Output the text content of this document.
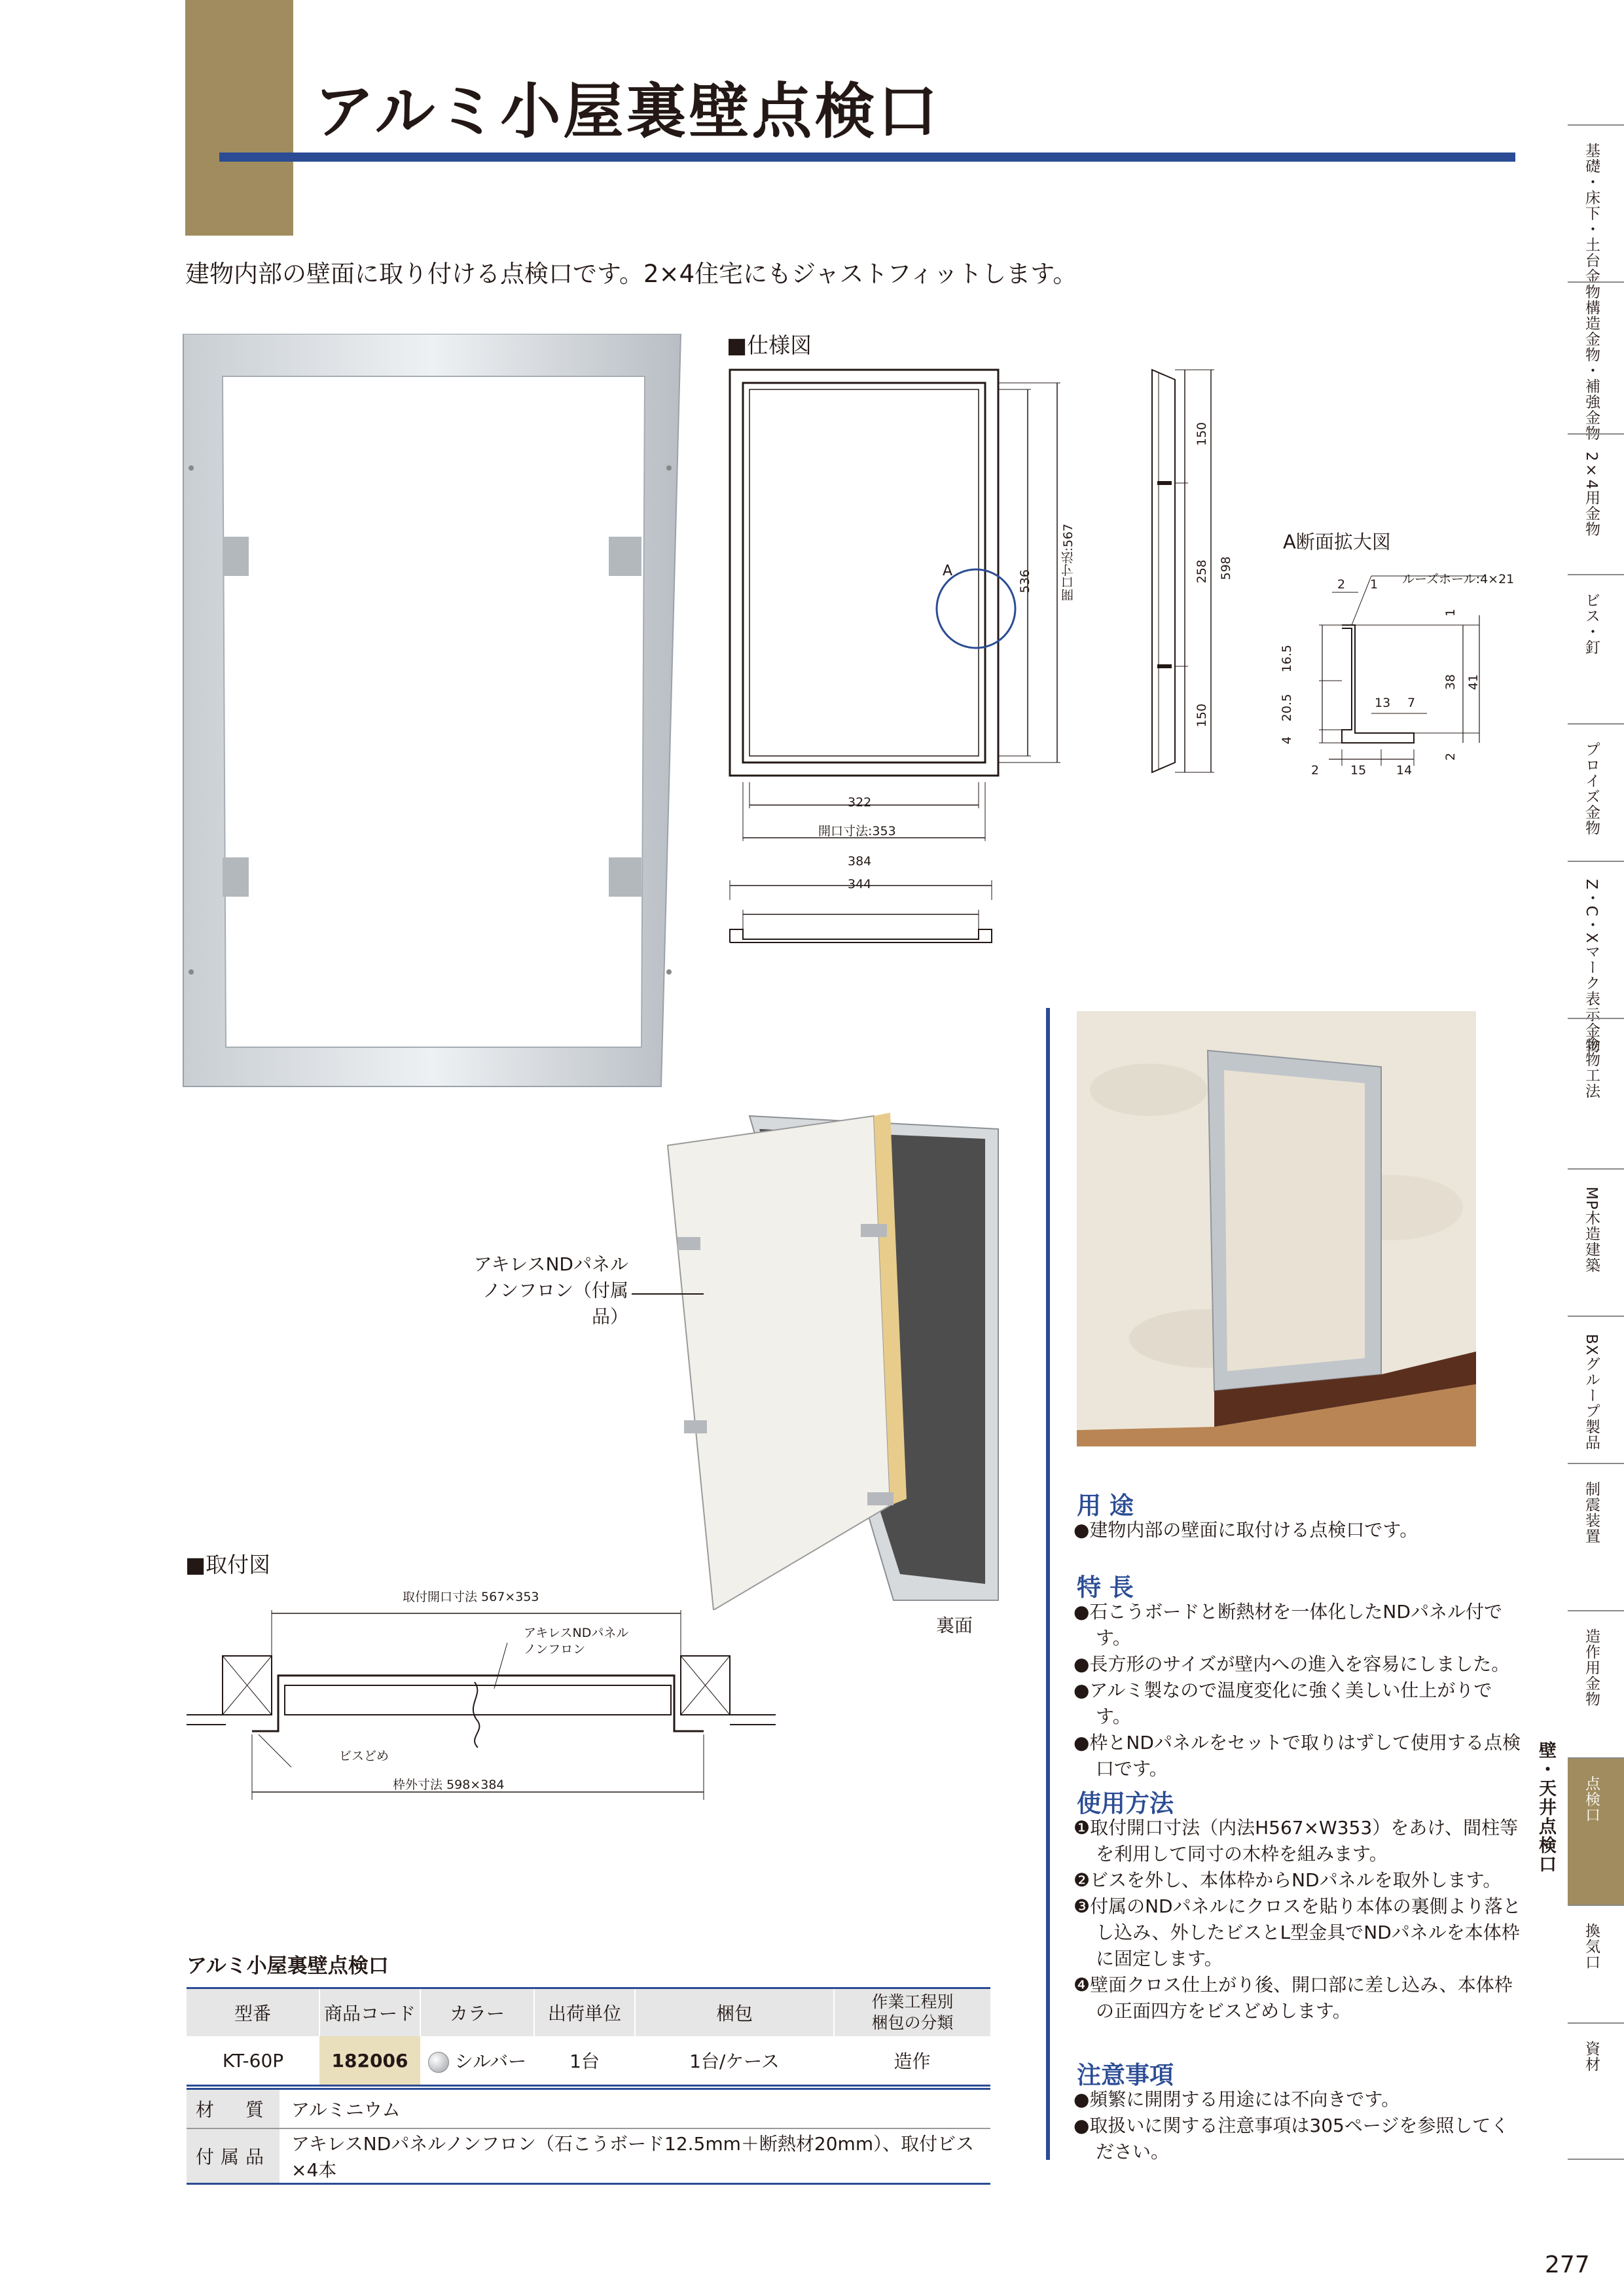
アルミ小屋裏壁点検口
建物内部の壁面に取り付ける点検口です。2×4住宅にもジャストフィットします。
■仕様図
A	536 開口寸法:567
322
開口寸法:353
384
344
150
258 598
150
A断面拡大図
ルーズホール:4×21
2 1
16.5
20.5
4
13 7
1
38 41
2	15 14
2
アキレスNDパネル
ノンフロン（付属品）
裏面
■取付図
取付開口寸法 567×353
アキレスNDパネル
ノンフロン
ビスどめ
枠外寸法 598×384
用 途
●建物内部の壁面に取付ける点検口です。
特 長
●石こうボードと断熱材を一体化したNDパネル付です。
●長方形のサイズが壁内への進入を容易にしました。
●アルミ製なので温度変化に強く美しい仕上がりです。
●枠とNDパネルをセットで取りはずして使用する点検口です。
使用方法
❶取付開口寸法（内法H567×W353）をあけ、間柱等を利用して同寸の木枠を組みます。
❷ビスを外し、本体枠からNDパネルを取外します。
❸付属のNDパネルにクロスを貼り本体の裏側より落とし込み、外したビスとL型金具でNDパネルを本体枠に固定します。
❹壁面クロス仕上がり後、開口部に差し込み、本体枠の正面四方をビスどめします。
注意事項
●頻繁に開閉する用途には不向きです。
●取扱いに関する注意事項は305ページを参照してください。
アルミ小屋裏壁点検口
型番	商品コード	カラー	出荷単位	梱包	作業工程別
梱包の分類
KT-60P	182006	シルバー	1台	1台/ケース	造作
材　質	アルミニウム
付属品	アキレスNDパネルノンフロン（石こうボード12.5mm＋断熱材20mm）、取付ビス×4本
基礎・床下・土台金物
構造金物・補強金物
2×4用金物
ビス・釘
プロイズ金物
Z・C・Xマーク表示金物
金物工法
MP木造建築
BXグループ製品
制震装置
造作用金物
点検口
換気口
資材
壁・天井点検口
277
